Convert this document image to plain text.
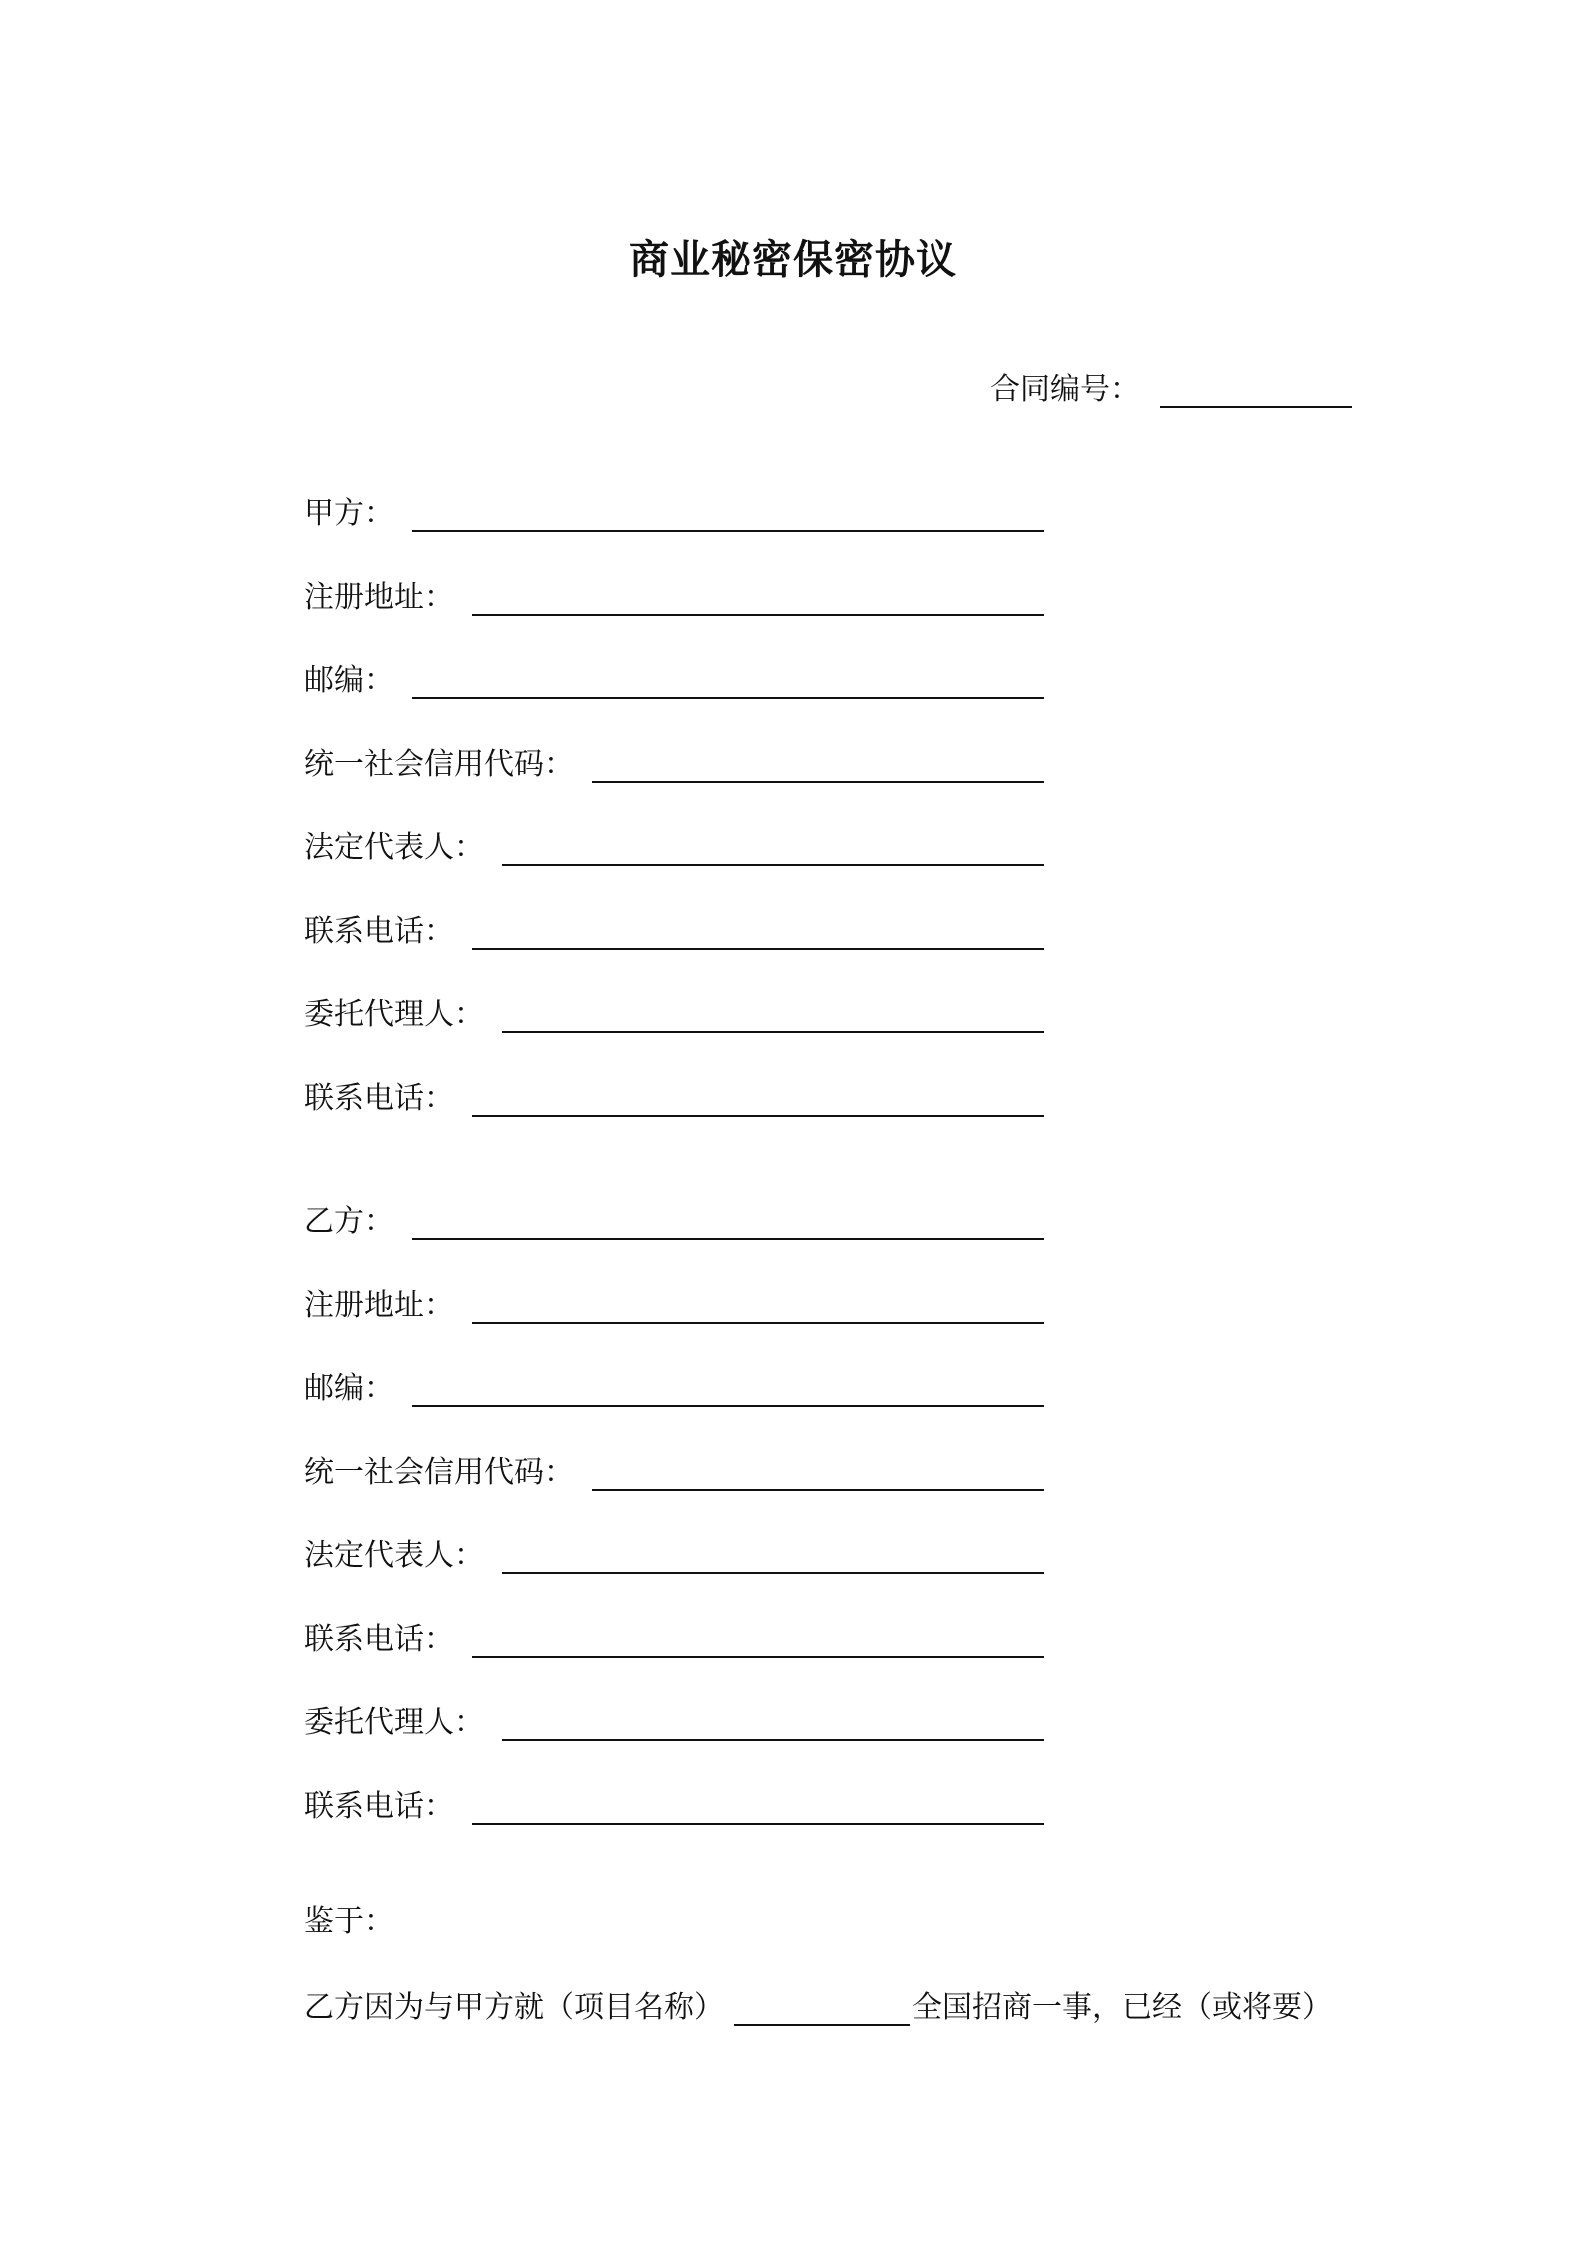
商业秘密保密协议
合同编号：
甲方：
注册地址：
邮编：
统一社会信用代码：
法定代表人：
联系电话：
委托代理人：
联系电话：
乙方：
注册地址：
邮编：
统一社会信用代码：
法定代表人：
联系电话：
委托代理人：
联系电话：
鉴于：
乙方因为与甲方就（项目名称）	全国招商一事，已经（或将要）
